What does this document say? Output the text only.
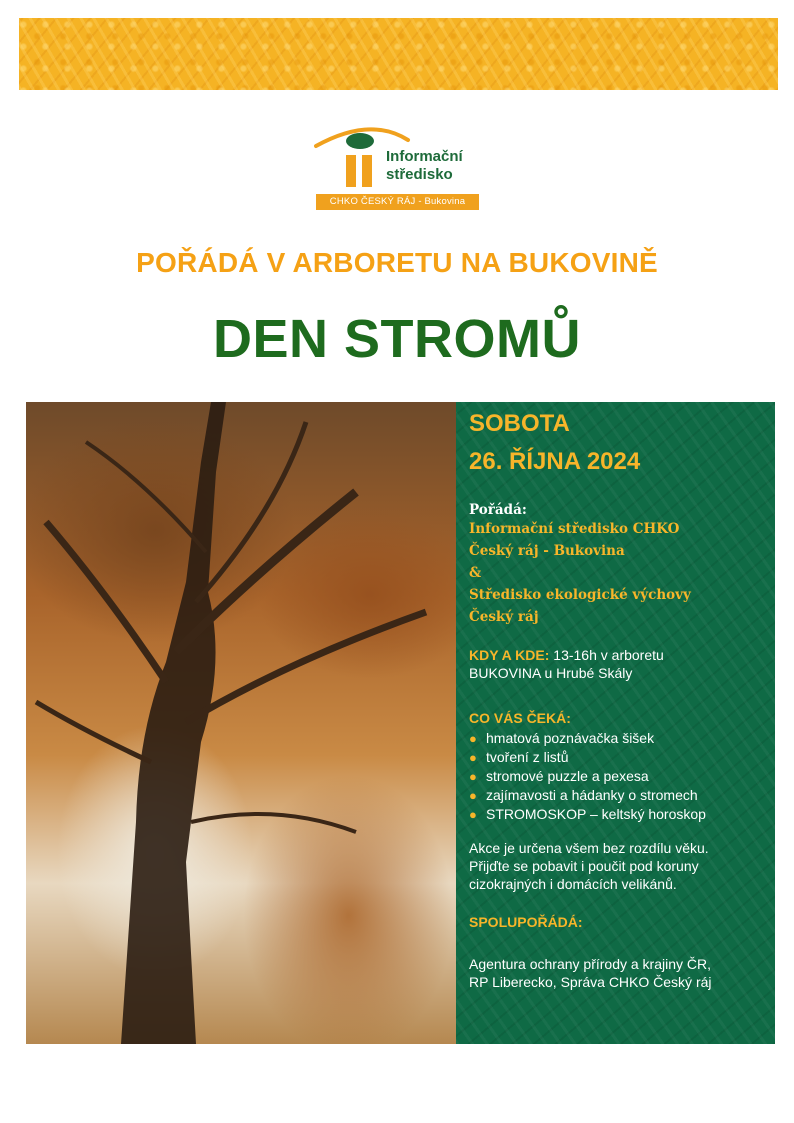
Informační
středisko
CHKO ČESKÝ RÁJ - Bukovina
POŘÁDÁ V ARBORETU NA BUKOVINĚ
DEN STROMŮ
SOBOTA
26. ŘÍJNA 2024
Pořádá:
Informační středisko CHKO
Český ráj - Bukovina
&
Středisko ekologické výchovy
Český ráj
KDY A KDE: 13-16h v arboretu
BUKOVINA u Hrubé Skály
CO VÁS ČEKÁ:
● hmatová poznávačka šišek
● tvoření z listů
● stromové puzzle a pexesa
● zajímavosti a hádanky o stromech
● STROMOSKOP – keltský horoskop
Akce je určena všem bez rozdílu věku.
Přijďte se pobavit i poučit pod koruny
cizokrajných i domácích velikánů.
SPOLUPOŘÁDÁ:
Agentura ochrany přírody a krajiny ČR,
RP Liberecko, Správa CHKO Český ráj
